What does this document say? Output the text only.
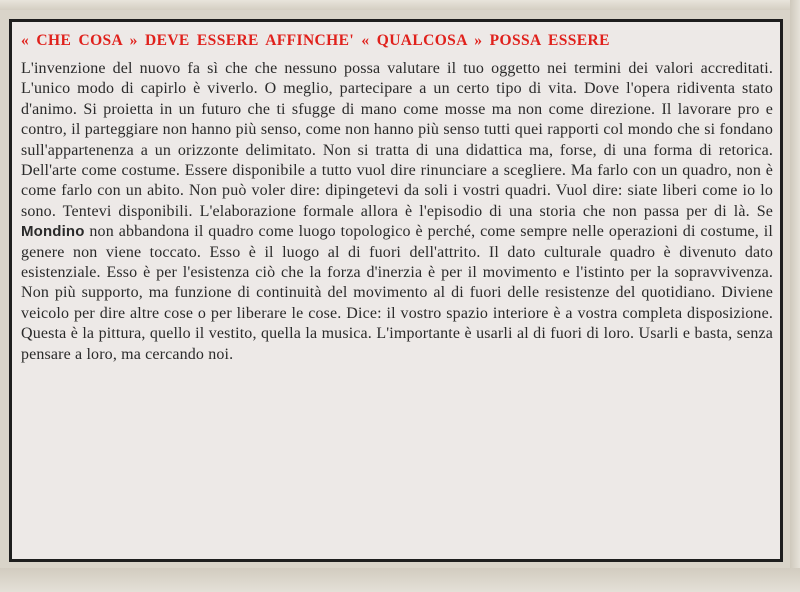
« CHE COSA » DEVE ESSERE AFFINCHE' « QUALCOSA » POSSA ESSERE

L'invenzione del nuovo fa sì che che nessuno possa valutare il tuo oggetto nei termini dei valori accreditati. L'unico modo di capirlo è viverlo. O meglio, partecipare a un certo tipo di vita. Dove l'opera ridiventa stato d'animo. Si proietta in un futuro che ti sfugge di mano come mosse ma non come direzione. Il lavorare pro e contro, il parteggiare non hanno più senso, come non hanno più senso tutti quei rapporti col mondo che si fondano sull'appartenenza a un orizzonte delimitato. Non si tratta di una didattica ma, forse, di una forma di retorica. Dell'arte come costume. Essere disponibile a tutto vuol dire rinunciare a scegliere. Ma farlo con un quadro, non è come farlo con un abito. Non può voler dire: dipingetevi da soli i vostri quadri. Vuol dire: siate liberi come io lo sono. Tentevi disponibili. L'elaborazione formale allora è l'episodio di una storia che non passa per di là. Se Mondino non abbandona il quadro come luogo topologico è perché, come sempre nelle operazioni di costume, il genere non viene toccato. Esso è il luogo al di fuori dell'attrito. Il dato culturale quadro è divenuto dato esistenziale. Esso è per l'esistenza ciò che la forza d'inerzia è per il movimento e l'istinto per la sopravvivenza. Non più supporto, ma funzione di continuità del movimento al di fuori delle resistenze del quotidiano. Diviene veicolo per dire altre cose o per liberare le cose. Dice: il vostro spazio interiore è a vostra completa disposizione. Questa è la pittura, quello il vestito, quella la musica. L'importante è usarli al di fuori di loro. Usarli e basta, senza pensare a loro, ma cercando noi.
